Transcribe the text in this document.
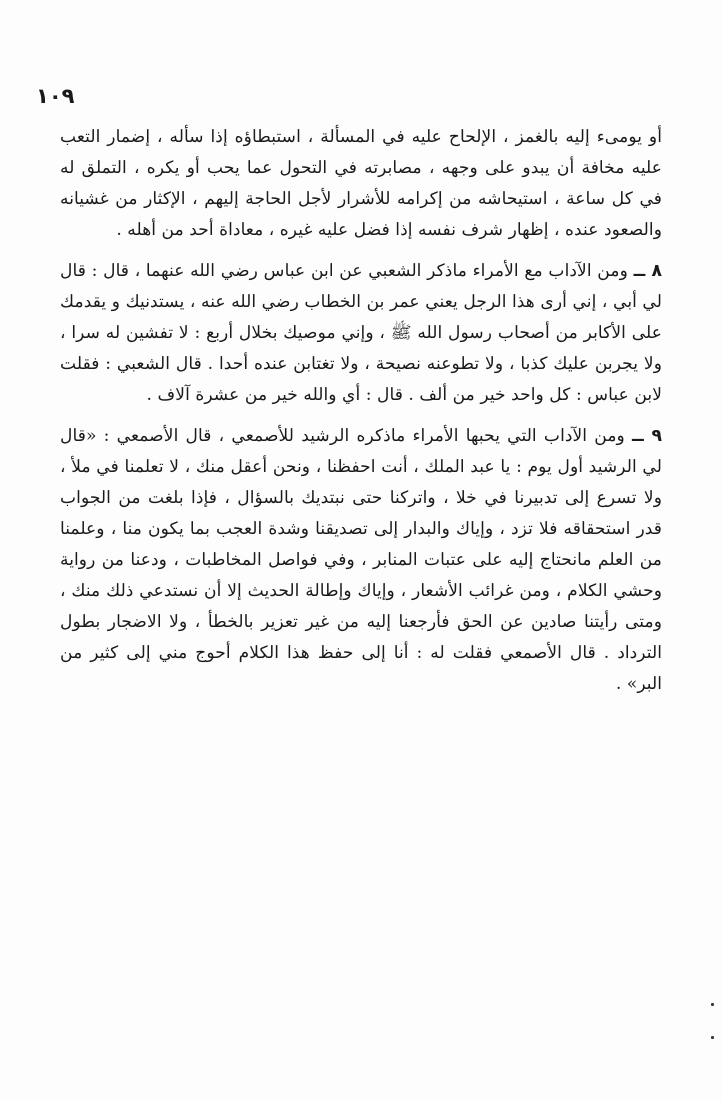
١٠٩

أو يومىء إليه بالغمز ، الإلحاح عليه في المسألة ، استبطاؤه إذا سأله ، إضمار التعب عليه مخافة أن يبدو على وجهه ، مصابرته في التحول عما يحب أو يكره ، التملق له في كل ساعة ، استيحاشه من إكرامه للأشرار لأجل الحاجة إليهم ، الإكثار من غشيانه والصعود عنده ، إظهار شرف نفسه إذا فضل عليه غيره ، معاداة أحد من أهله .

٨ ــ ومن الآداب مع الأمراء ماذكر الشعبي عن ابن عباس رضي الله عنهما ، قال : قال لي أبي ، إني أرى هذا الرجل يعني عمر بن الخطاب رضي الله عنه ، يستدنيك و يقدمك على الأكابر من أصحاب رسول الله ﷺ ، وإني موصيك بخلال أربع : لا تفشين له سرا ، ولا يجربن عليك كذبا ، ولا تطوعنه نصيحة ، ولا تغتابن عنده أحدا . قال الشعبي : فقلت لابن عباس : كل واحد خير من ألف . قال : أي والله خير من عشرة آلاف .

٩ ــ ومن الآداب التي يحبها الأمراء ماذكره الرشيد للأصمعي ، قال الأصمعي : «قال لي الرشيد أول يوم : يا عبد الملك ، أنت احفظنا ، ونحن أعقل منك ، لا تعلمنا في ملأ ، ولا تسرع إلى تدبيرنا في خلا ، واتركنا حتى نبتديك بالسؤال ، فإذا بلغت من الجواب قدر استحقاقه فلا تزد ، وإياك والبدار إلى تصديقنا وشدة العجب بما يكون منا ، وعلمنا من العلم مانحتاج إليه على عتبات المنابر ، وفي فواصل المخاطبات ، ودعنا من رواية وحشي الكلام ، ومن غرائب الأشعار ، وإياك وإطالة الحديث إلا أن نستدعي ذلك منك ، ومتى رأيتنا صادين عن الحق فأرجعنا إليه من غير تعزير بالخطأ ، ولا الاضجار بطول الترداد . قال الأصمعي فقلت له : أنا إلى حفظ هذا الكلام أحوج مني إلى كثير من البر» .
